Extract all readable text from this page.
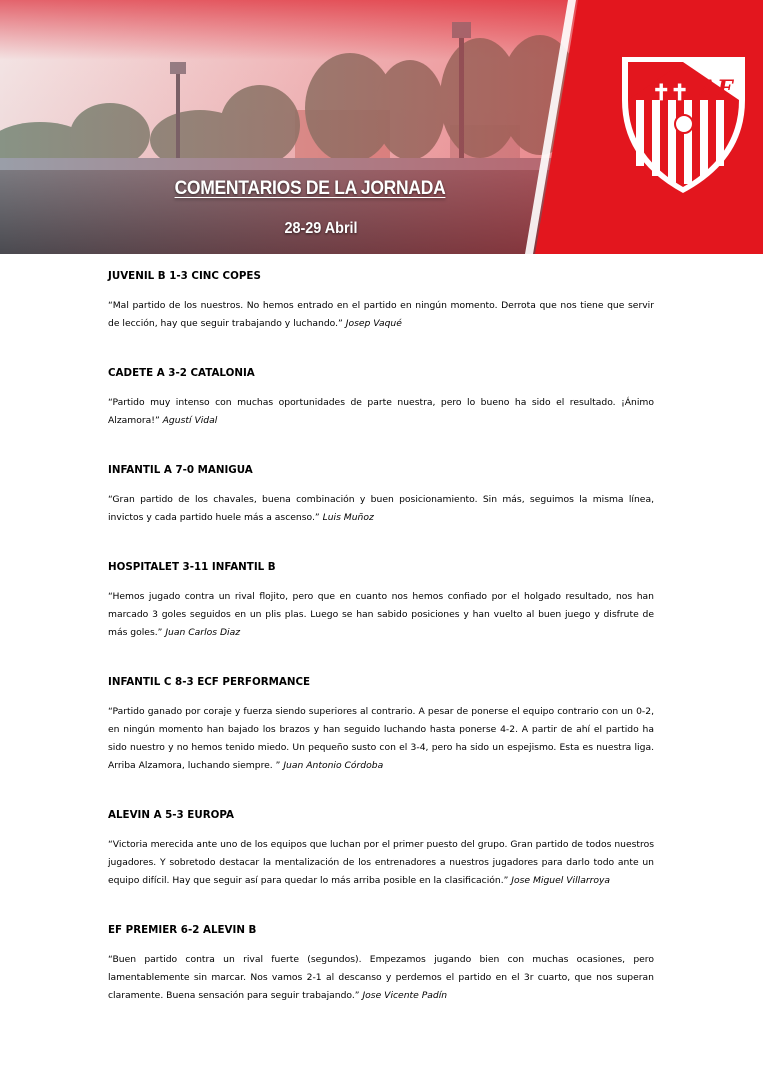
✝✝ AF
COMENTARIOS DE LA JORNADA
28-29 Abril
JUVENIL B 1-3 CINC COPES

“Mal partido de los nuestros. No hemos entrado en el partido en ningún momento. Derrota que nos tiene que servir de lección, hay que seguir trabajando y luchando.” Josep Vaqué

CADETE A 3-2 CATALONIA

“Partido muy intenso con muchas oportunidades de parte nuestra, pero lo bueno ha sido el resultado. ¡Ánimo Alzamora!” Agustí Vidal

INFANTIL A 7-0 MANIGUA

“Gran partido de los chavales, buena combinación y buen posicionamiento. Sin más, seguimos la misma línea, invictos y cada partido huele más a ascenso.” Luis Muñoz

HOSPITALET 3-11 INFANTIL B

“Hemos jugado contra un rival flojito, pero que en cuanto nos hemos confiado por el holgado resultado, nos han marcado 3 goles seguidos en un plis plas. Luego se han sabido posiciones y han vuelto al buen juego y disfrute de más goles.” Juan Carlos Diaz

INFANTIL C 8-3 ECF PERFORMANCE

“Partido ganado por coraje y fuerza siendo superiores al contrario. A pesar de ponerse el equipo contrario con un 0-2, en ningún momento han bajado los brazos y han seguido luchando hasta ponerse 4-2. A partir de ahí el partido ha sido nuestro y no hemos tenido miedo. Un pequeño susto con el 3-4, pero ha sido un espejismo. Esta es nuestra liga. Arriba Alzamora, luchando siempre. ” Juan Antonio Córdoba

ALEVIN A 5-3 EUROPA

“Victoria merecida ante uno de los equipos que luchan por el primer puesto del grupo. Gran partido de todos nuestros jugadores. Y sobretodo destacar la mentalización de los entrenadores a nuestros jugadores para darlo todo ante un equipo difícil. Hay que seguir así para quedar lo más arriba posible en la clasificación.” Jose Miguel Villarroya

EF PREMIER 6-2 ALEVIN B

“Buen partido contra un rival fuerte (segundos). Empezamos jugando bien con muchas ocasiones, pero lamentablemente sin marcar. Nos vamos 2-1 al descanso y perdemos el partido en el 3r cuarto, que nos superan claramente. Buena sensación para seguir trabajando.” Jose Vicente Padín
